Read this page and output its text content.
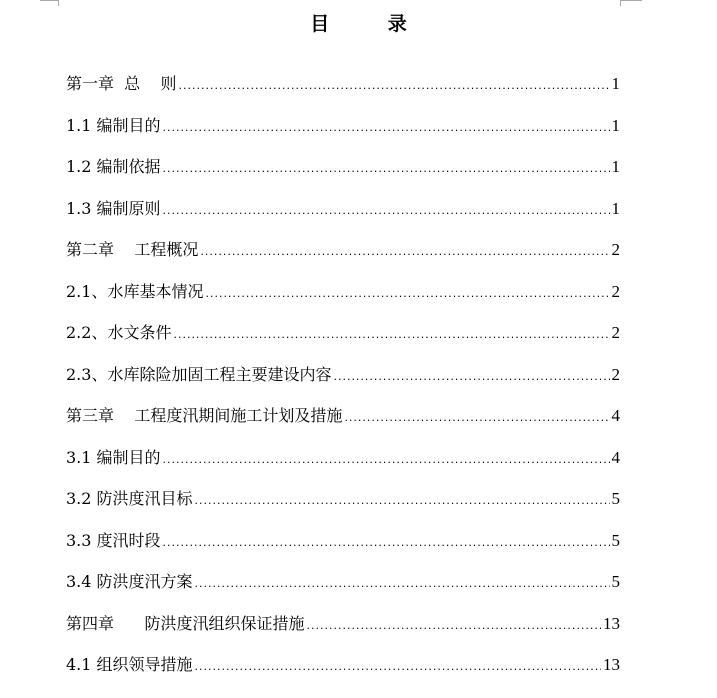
目 录
第一章  总    则 .....	1
1.1 编制目的 .....	1
1.2 编制依据 .....	1
1.3 编制原则 .....	1
第二章    工程概况 .....	2
2.1、水库基本情况 .....	2
2.2、水文条件 .....	2
2.3、水库除险加固工程主要建设内容 .....	2
第三章    工程度汛期间施工计划及措施 .....	4
3.1 编制目的 .....	4
3.2 防洪度汛目标 .....	5
3.3 度汛时段 .....	5
3.4 防洪度汛方案 .....	5
第四章      防洪度汛组织保证措施 .....	13
4.1 组织领导措施 .....	13
